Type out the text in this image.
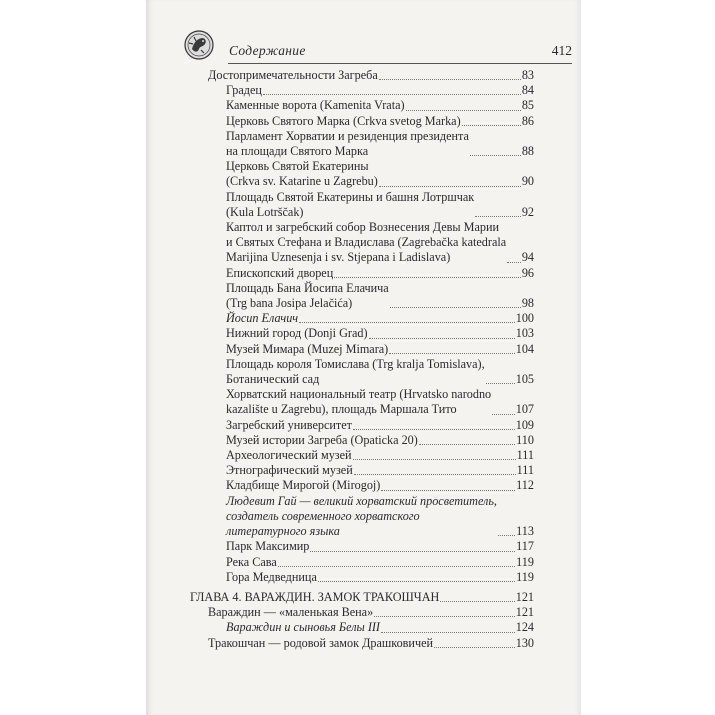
Содержание	412
Достопримечательности Загреба	83
Градец	84
Каменные ворота (Kamenita Vrata)	85
Церковь Святого Марка (Crkva svetog Marka)	86
Парламент Хорватии и резиденция президента
на площади Святого Марка	88
Церковь Святой Екатерины
(Crkva sv. Katarine u Zagrebu)	90
Площадь Святой Екатерины и башня Лотршчак
(Kula Lotrščak)	92
Каптол и загребский собор Вознесения Девы Марии
и Святых Стефана и Владислава (Zagrebačka katedrala
Marijina Uznesenja i sv. Stjepana i Ladislava)	94
Епископский дворец	96
Площадь Бана Йосипа Елачича
(Trg bana Josipa Jelačića)	98
Йосип Елачич	100
Нижний город (Donji Grad)	103
Музей Мимара (Muzej Mimara)	104
Площадь короля Томислава (Trg kralja Tomislava),
Ботанический сад	105
Хорватский национальный театр (Hrvatsko narodno
kazalište u Zagrebu), площадь Маршала Тито	107
Загребский университет	109
Музей истории Загреба (Opaticka 20)	110
Археологический музей	111
Этнографический музей	111
Кладбище Мирогой (Mirogoj)	112
Людевит Гай — великий хорватский просветитель,
создатель современного хорватского
литературного языка	113
Парк Максимир	117
Река Сава	119
Гора Медведница	119
ГЛАВА 4. ВАРАЖДИН. ЗАМОК ТРАКОШЧАН	121
Вараждин — «маленькая Вена»	121
Вараждин и сыновья Белы III	124
Тракошчан — родовой замок Драшковичей	130
